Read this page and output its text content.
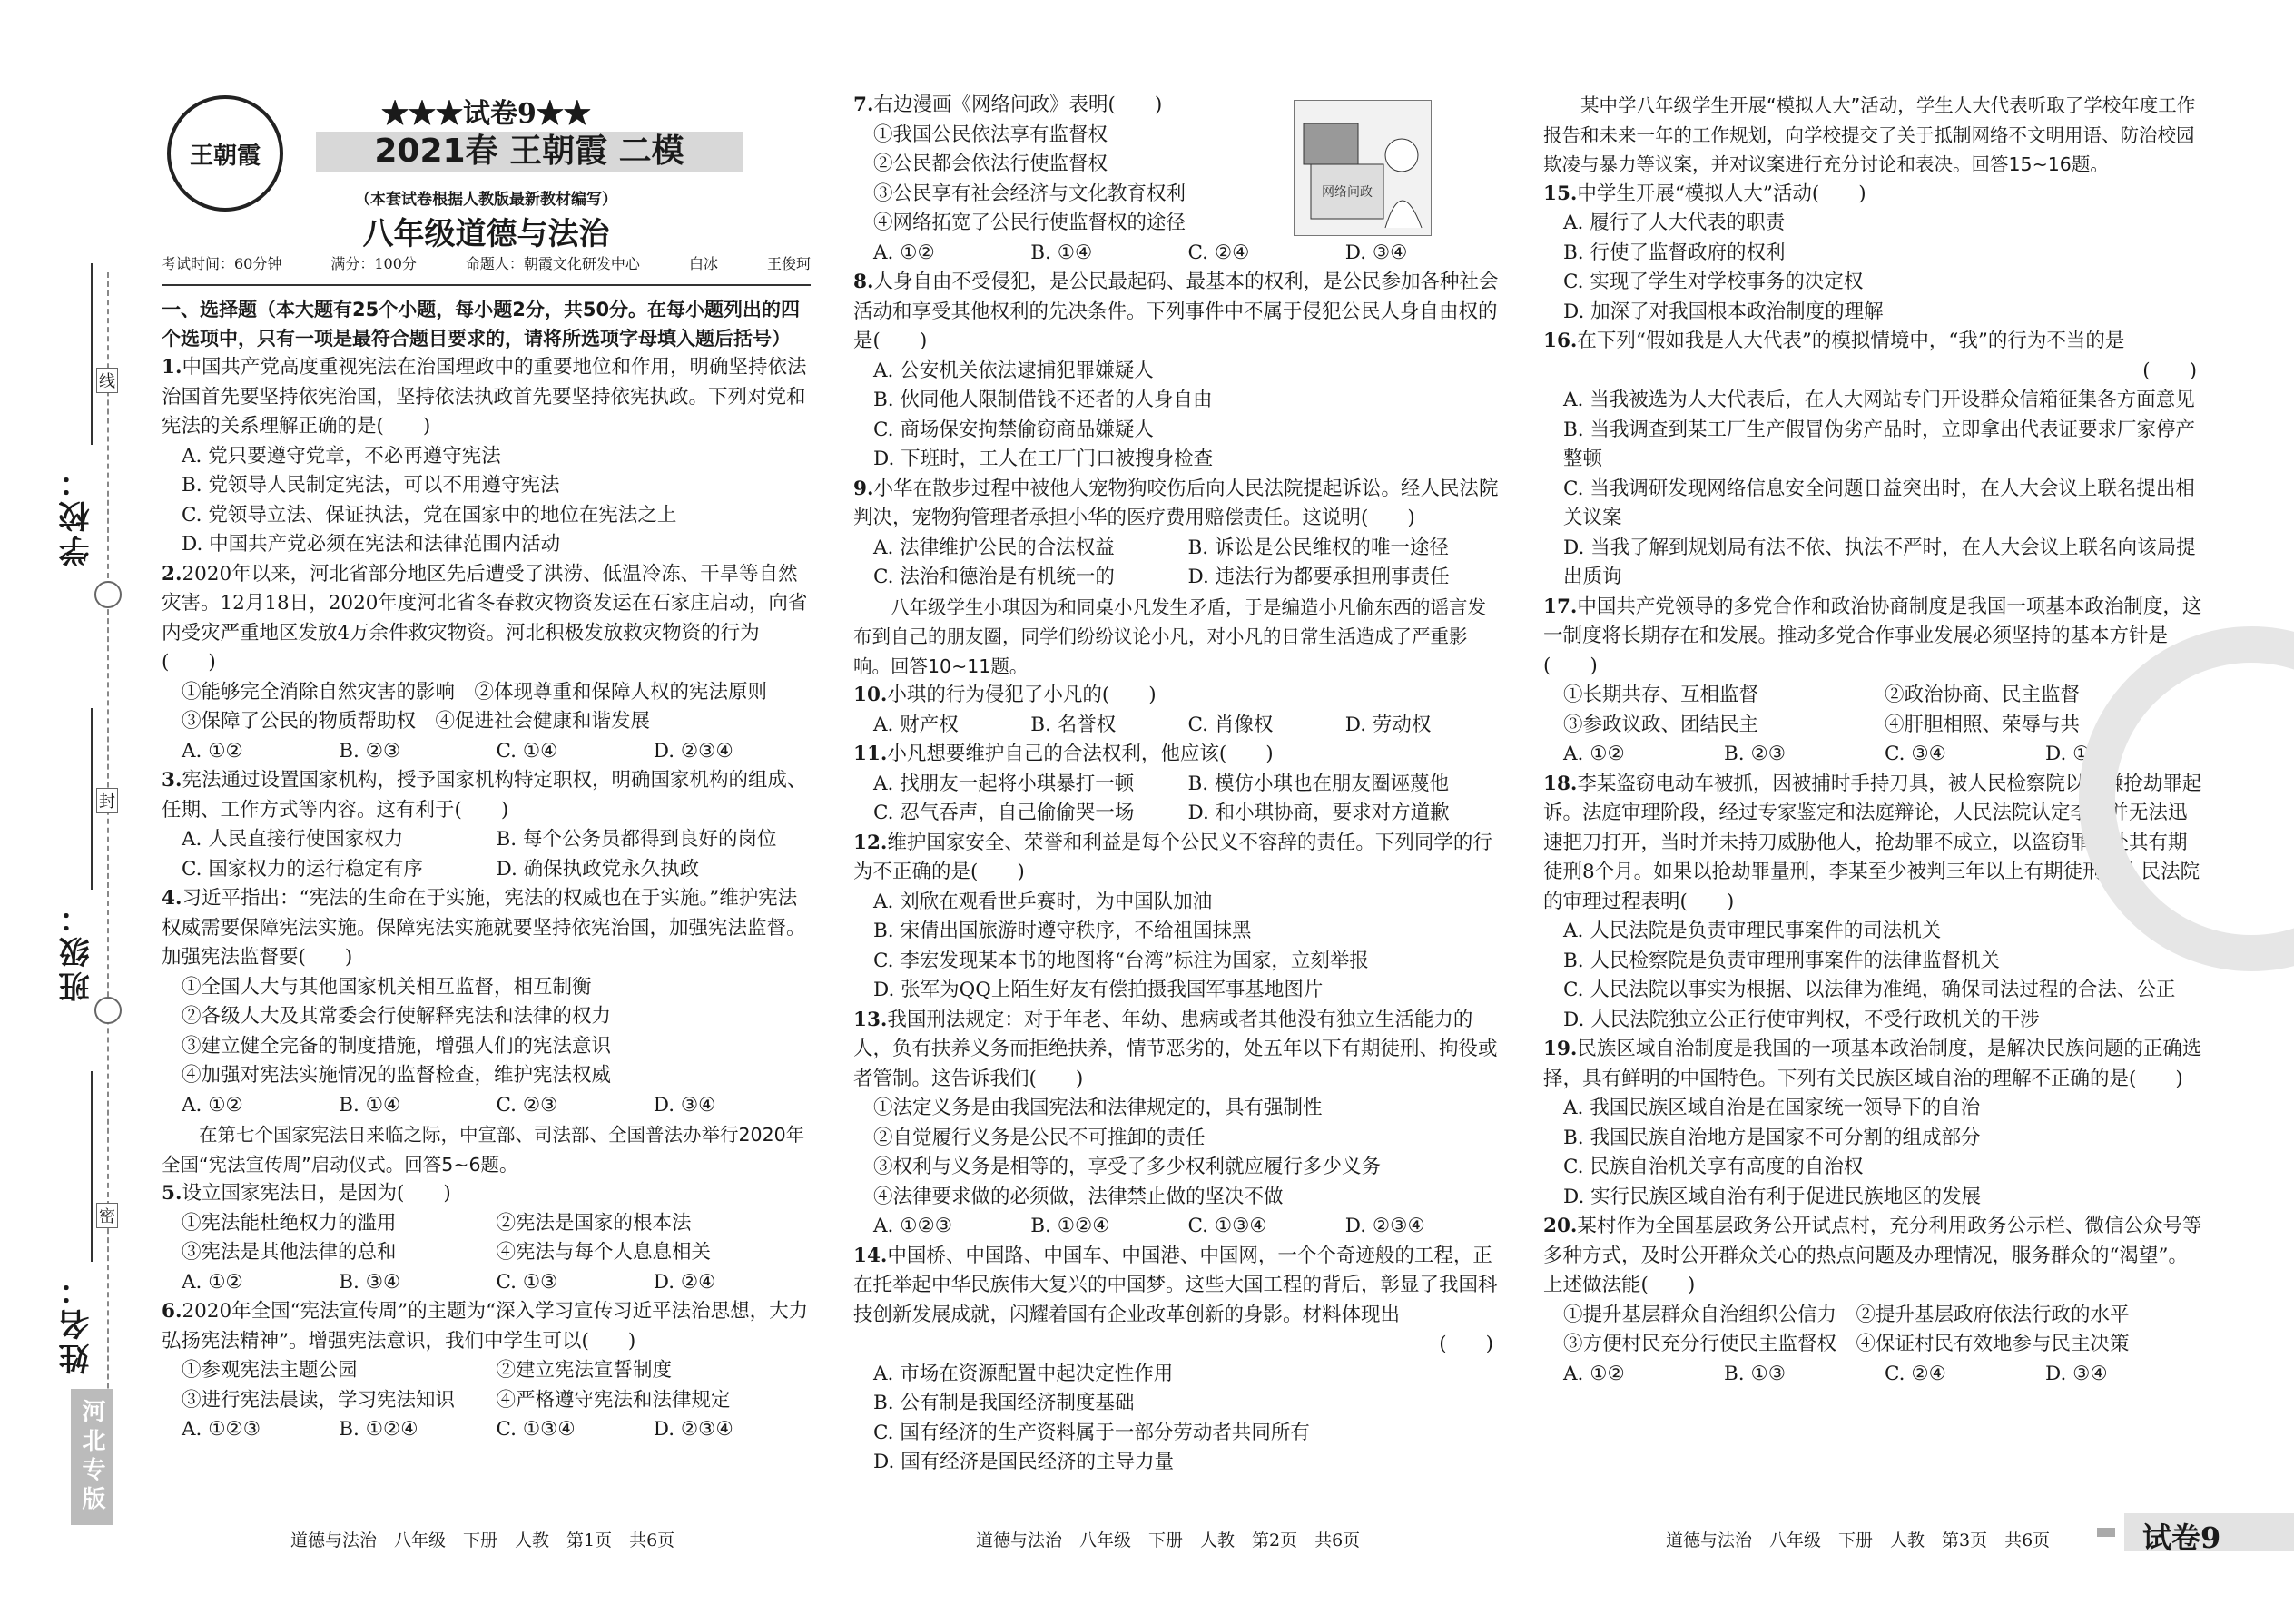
学校：
班级：
姓名：
线
封
密
河北专版
王朝霞
★★★试卷9★★
2021春 王朝霞 二模
（本套试卷根据人教版最新教材编写）
八年级道德与法治
考试时间：60分钟	满分：100分	命题人：朝霞文化研发中心	白冰	王俊珂
一、选择题（本大题有25个小题，每小题2分，共50分。在每小题列出的四个选项中，只有一项是最符合题目要求的，请将所选项字母填入题后括号）
1.中国共产党高度重视宪法在治国理政中的重要地位和作用，明确坚持依法治国首先要坚持依宪治国，坚持依法执政首先要坚持依宪执政。下列对党和宪法的关系理解正确的是(　　)
A. 党只要遵守党章，不必再遵守宪法
B. 党领导人民制定宪法，可以不用遵守宪法
C. 党领导立法、保证执法，党在国家中的地位在宪法之上
D. 中国共产党必须在宪法和法律范围内活动
2.2020年以来，河北省部分地区先后遭受了洪涝、低温冷冻、干旱等自然灾害。12月18日，2020年度河北省冬春救灾物资发运在石家庄启动，向省内受灾严重地区发放4万余件救灾物资。河北积极发放救灾物资的行为(　　)
①能够完全消除自然灾害的影响　②体现尊重和保障人权的宪法原则
③保障了公民的物质帮助权　④促进社会健康和谐发展
A. ①②	B. ②③	C. ①④	D. ②③④
3.宪法通过设置国家机构，授予国家机构特定职权，明确国家机构的组成、任期、工作方式等内容。这有利于(　　)
A. 人民直接行使国家权力	B. 每个公务员都得到良好的岗位
C. 国家权力的运行稳定有序	D. 确保执政党永久执政
4.习近平指出：“宪法的生命在于实施，宪法的权威也在于实施。”维护宪法权威需要保障宪法实施。保障宪法实施就要坚持依宪治国，加强宪法监督。加强宪法监督要(　　)
①全国人大与其他国家机关相互监督，相互制衡
②各级人大及其常委会行使解释宪法和法律的权力
③建立健全完备的制度措施，增强人们的宪法意识
④加强对宪法实施情况的监督检查，维护宪法权威
A. ①②	B. ①④	C. ②③	D. ③④
在第七个国家宪法日来临之际，中宣部、司法部、全国普法办举行2020年全国“宪法宣传周”启动仪式。回答5~6题。
5.设立国家宪法日，是因为(　　)
①宪法能杜绝权力的滥用	②宪法是国家的根本法
③宪法是其他法律的总和	④宪法与每个人息息相关
A. ①②	B. ③④	C. ①③	D. ②④
6.2020年全国“宪法宣传周”的主题为“深入学习宣传习近平法治思想，大力弘扬宪法精神”。增强宪法意识，我们中学生可以(　　)
①参观宪法主题公园	②建立宪法宣誓制度
③进行宪法晨读，学习宪法知识	④严格遵守宪法和法律规定
A. ①②③	B. ①②④	C. ①③④	D. ②③④
7.右边漫画《网络问政》表明(　　)
①我国公民依法享有监督权
②公民都会依法行使监督权
③公民享有社会经济与文化教育权利
④网络拓宽了公民行使监督权的途径
A. ①②	B. ①④	C. ②④	D. ③④
8.人身自由不受侵犯，是公民最起码、最基本的权利，是公民参加各种社会活动和享受其他权利的先决条件。下列事件中不属于侵犯公民人身自由权的是(　　)
A. 公安机关依法逮捕犯罪嫌疑人
B. 伙同他人限制借钱不还者的人身自由
C. 商场保安拘禁偷窃商品嫌疑人
D. 下班时，工人在工厂门口被搜身检查
9.小华在散步过程中被他人宠物狗咬伤后向人民法院提起诉讼。经人民法院判决，宠物狗管理者承担小华的医疗费用赔偿责任。这说明(　　)
A. 法律维护公民的合法权益	B. 诉讼是公民维权的唯一途径
C. 法治和德治是有机统一的	D. 违法行为都要承担刑事责任
八年级学生小琪因为和同桌小凡发生矛盾，于是编造小凡偷东西的谣言发布到自己的朋友圈，同学们纷纷议论小凡，对小凡的日常生活造成了严重影响。回答10~11题。
10.小琪的行为侵犯了小凡的(　　)
A. 财产权	B. 名誉权	C. 肖像权	D. 劳动权
11.小凡想要维护自己的合法权利，他应该(　　)
A. 找朋友一起将小琪暴打一顿	B. 模仿小琪也在朋友圈诬蔑他
C. 忍气吞声，自己偷偷哭一场	D. 和小琪协商，要求对方道歉
12.维护国家安全、荣誉和利益是每个公民义不容辞的责任。下列同学的行为不正确的是(　　)
A. 刘欣在观看世乒赛时，为中国队加油
B. 宋倩出国旅游时遵守秩序，不给祖国抹黑
C. 李宏发现某本书的地图将“台湾”标注为国家，立刻举报
D. 张军为QQ上陌生好友有偿拍摄我国军事基地图片
13.我国刑法规定：对于年老、年幼、患病或者其他没有独立生活能力的人，负有扶养义务而拒绝扶养，情节恶劣的，处五年以下有期徒刑、拘役或者管制。这告诉我们(　　)
①法定义务是由我国宪法和法律规定的，具有强制性
②自觉履行义务是公民不可推卸的责任
③权利与义务是相等的，享受了多少权利就应履行多少义务
④法律要求做的必须做，法律禁止做的坚决不做
A. ①②③	B. ①②④	C. ①③④	D. ②③④
14.中国桥、中国路、中国车、中国港、中国网，一个个奇迹般的工程，正在托举起中华民族伟大复兴的中国梦。这些大国工程的背后，彰显了我国科技创新发展成就，闪耀着国有企业改革创新的身影。材料体现出
(　　)
A. 市场在资源配置中起决定性作用
B. 公有制是我国经济制度基础
C. 国有经济的生产资料属于一部分劳动者共同所有
D. 国有经济是国民经济的主导力量
网络问政
某中学八年级学生开展“模拟人大”活动，学生人大代表听取了学校年度工作报告和未来一年的工作规划，向学校提交了关于抵制网络不文明用语、防治校园欺凌与暴力等议案，并对议案进行充分讨论和表决。回答15~16题。
15.中学生开展“模拟人大”活动(　　)
A. 履行了人大代表的职责
B. 行使了监督政府的权利
C. 实现了学生对学校事务的决定权
D. 加深了对我国根本政治制度的理解
16.在下列“假如我是人大代表”的模拟情境中，“我”的行为不当的是
(　　)
A. 当我被选为人大代表后，在人大网站专门开设群众信箱征集各方面意见
B. 当我调查到某工厂生产假冒伪劣产品时，立即拿出代表证要求厂家停产整顿
C. 当我调研发现网络信息安全问题日益突出时，在人大会议上联名提出相关议案
D. 当我了解到规划局有法不依、执法不严时，在人大会议上联名向该局提出质询
17.中国共产党领导的多党合作和政治协商制度是我国一项基本政治制度，这一制度将长期存在和发展。推动多党合作事业发展必须坚持的基本方针是(　　)
①长期共存、互相监督	②政治协商、民主监督
③参政议政、团结民主	④肝胆相照、荣辱与共
A. ①②	B. ②③	C. ③④	D. ①④
18.李某盗窃电动车被抓，因被捕时手持刀具，被人民检察院以涉嫌抢劫罪起诉。法庭审理阶段，经过专家鉴定和法庭辩论，人民法院认定李某并无法迅速把刀打开，当时并未持刀威胁他人，抢劫罪不成立，以盗窃罪判处其有期徒刑8个月。如果以抢劫罪量刑，李某至少被判三年以上有期徒刑。人民法院的审理过程表明(　　)
A. 人民法院是负责审理民事案件的司法机关
B. 人民检察院是负责审理刑事案件的法律监督机关
C. 人民法院以事实为根据、以法律为准绳，确保司法过程的合法、公正
D. 人民法院独立公正行使审判权，不受行政机关的干涉
19.民族区域自治制度是我国的一项基本政治制度，是解决民族问题的正确选择，具有鲜明的中国特色。下列有关民族区域自治的理解不正确的是(　　)
A. 我国民族区域自治是在国家统一领导下的自治
B. 我国民族自治地方是国家不可分割的组成部分
C. 民族自治机关享有高度的自治权
D. 实行民族区域自治有利于促进民族地区的发展
20.某村作为全国基层政务公开试点村，充分利用政务公示栏、微信公众号等多种方式，及时公开群众关心的热点问题及办理情况，服务群众的“渴望”。上述做法能(　　)
①提升基层群众自治组织公信力　②提升基层政府依法行政的水平
③方便村民充分行使民主监督权　④保证村民有效地参与民主决策
A. ①②	B. ①③	C. ②④	D. ③④
道德与法治　八年级　下册　人教　第1页　共6页	道德与法治　八年级　下册　人教　第2页　共6页	道德与法治　八年级　下册　人教　第3页　共6页	试卷9
